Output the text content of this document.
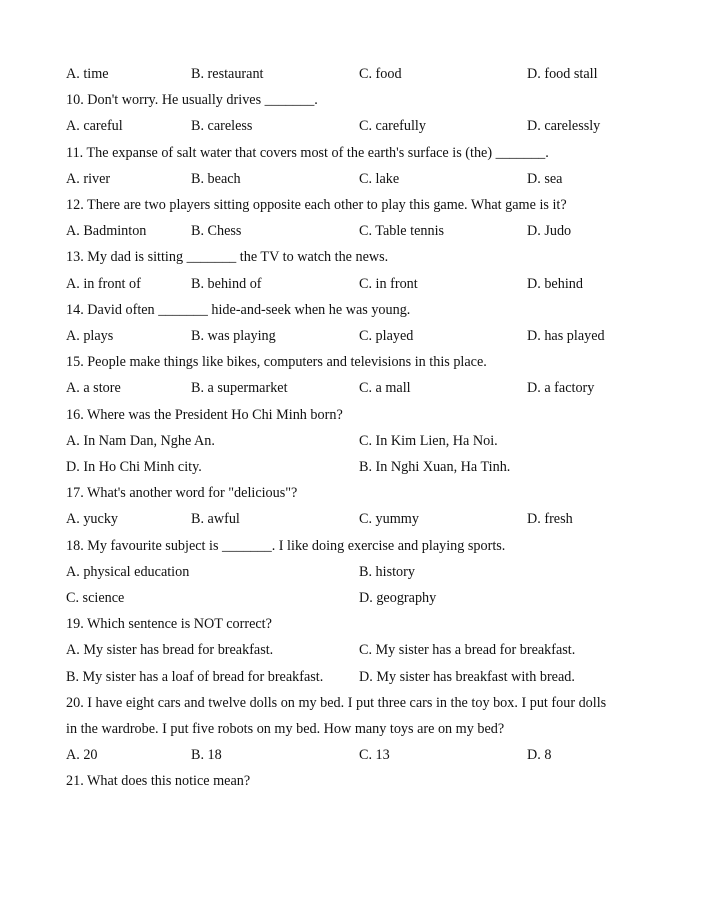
A. time	B. restaurant	C. food	D. food stall
10. Don't worry. He usually drives _______.
A. careful	B. careless	C. carefully	D. carelessly
11. The expanse of salt water that covers most of the earth's surface is (the) _______.
A. river	B. beach	C. lake	D. sea
12. There are two players sitting opposite each other to play this game. What game is it?
A. Badminton	B. Chess	C. Table tennis	D. Judo
13. My dad is sitting _______ the TV to watch the news.
A. in front of	B. behind of	C. in front	D. behind
14. David often _______ hide-and-seek when he was young.
A. plays	B. was playing	C. played	D. has played
15. People make things like bikes, computers and televisions in this place.
A. a store	B. a supermarket	C. a mall	D. a factory
16. Where was the President Ho Chi Minh born?
A. In Nam Dan, Nghe An.	C. In Kim Lien, Ha Noi.
D. In Ho Chi Minh city.	B. In Nghi Xuan, Ha Tinh.
17. What's another word for "delicious"?
A. yucky	B. awful	C. yummy	D. fresh
18. My favourite subject is _______. I like doing exercise and playing sports.
A. physical education	B. history
C. science	D. geography
19. Which sentence is NOT correct?
A. My sister has bread for breakfast.	C. My sister has a bread for breakfast.
B. My sister has a loaf of bread for breakfast.	D. My sister has breakfast with bread.
20. I have eight cars and twelve dolls on my bed. I put three cars in the toy box. I put four dolls
in the wardrobe. I put five robots on my bed. How many toys are on my bed?
A. 20	B. 18	C. 13	D. 8
21. What does this notice mean?
